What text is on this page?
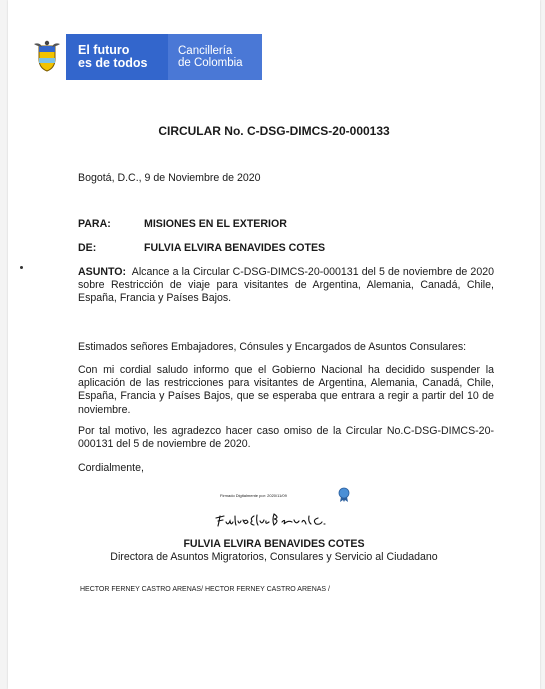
El futuro
es de todos
Cancillería
de Colombia
CIRCULAR No. C-DSG-DIMCS-20-000133
Bogotá, D.C., 9 de Noviembre de 2020
PARA:	MISIONES EN EL EXTERIOR
DE:	FULVIA ELVIRA BENAVIDES COTES
ASUNTO: Alcance a la Circular C-DSG-DIMCS-20-000131 del 5 de noviembre de 2020 sobre Restricción de viaje para visitantes de Argentina, Alemania, Canadá, Chile, España, Francia y Países Bajos.
Estimados señores Embajadores, Cónsules y Encargados de Asuntos Consulares:
Con mi cordial saludo informo que el Gobierno Nacional ha decidido suspender la aplicación de las restricciones para visitantes de Argentina, Alemania, Canadá, Chile, España, Francia y Países Bajos, que se esperaba que entrara a regir a partir del 10 de noviembre.
Por tal motivo, les agradezco hacer caso omiso de la Circular No.C-DSG-DIMCS-20-000131 del 5 de noviembre de 2020.
Cordialmente,
Firmado Digitalmente por: 2020/11/09
FULVIA ELVIRA BENAVIDES COTES
Directora de Asuntos Migratorios, Consulares y Servicio al Ciudadano
HECTOR FERNEY CASTRO ARENAS/ HECTOR FERNEY CASTRO ARENAS /
